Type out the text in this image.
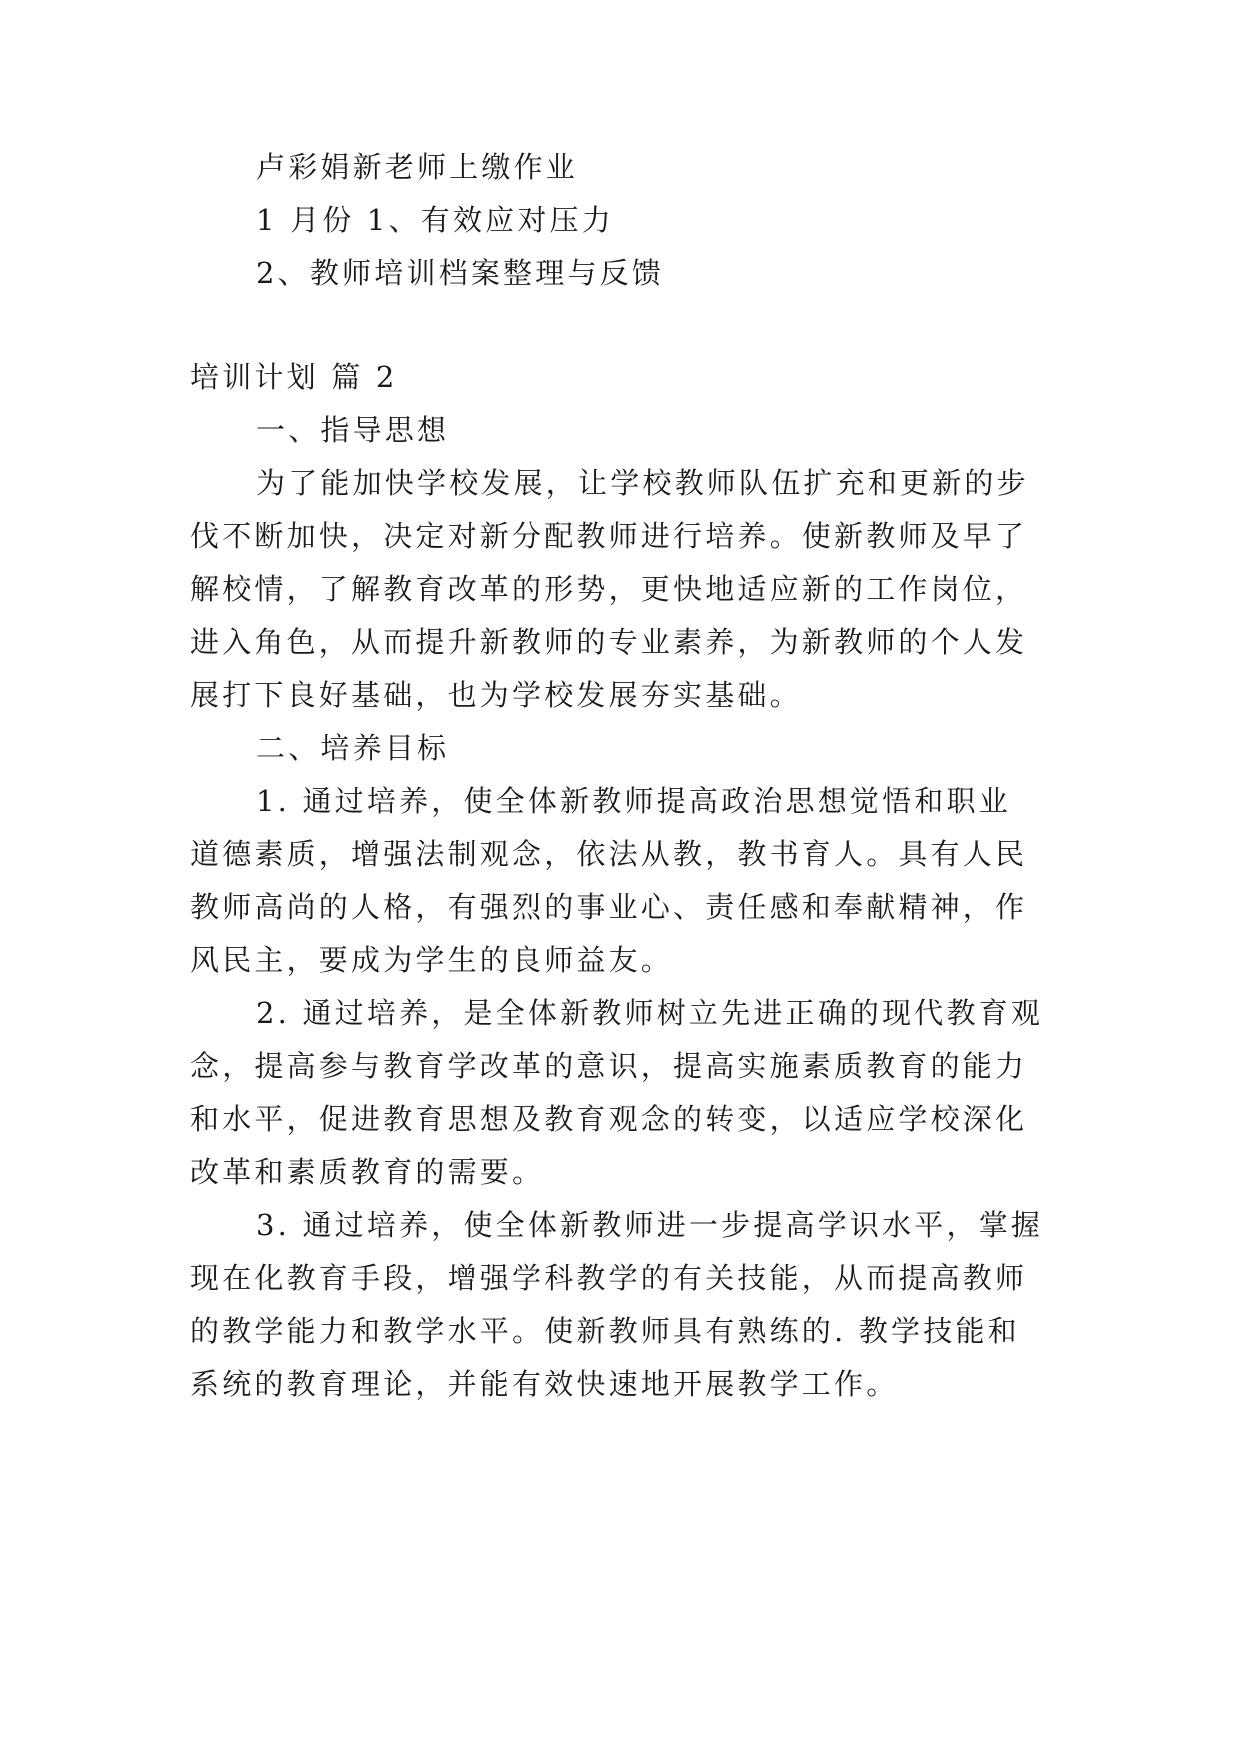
卢彩娟新老师上缴作业
1 月份 1、有效应对压力
2、教师培训档案整理与反馈
培训计划 篇 2
一、指导思想
为了能加快学校发展，让学校教师队伍扩充和更新的步
伐不断加快，决定对新分配教师进行培养。使新教师及早了
解校情，了解教育改革的形势，更快地适应新的工作岗位，
进入角色，从而提升新教师的专业素养，为新教师的个人发
展打下良好基础，也为学校发展夯实基础。
二、培养目标
1. 通过培养，使全体新教师提高政治思想觉悟和职业
道德素质，增强法制观念，依法从教，教书育人。具有人民
教师高尚的人格，有强烈的事业心、责任感和奉献精神，作
风民主，要成为学生的良师益友。
2. 通过培养，是全体新教师树立先进正确的现代教育观
念，提高参与教育学改革的意识，提高实施素质教育的能力
和水平，促进教育思想及教育观念的转变，以适应学校深化
改革和素质教育的需要。
3. 通过培养，使全体新教师进一步提高学识水平，掌握
现在化教育手段，增强学科教学的有关技能，从而提高教师
的教学能力和教学水平。使新教师具有熟练的. 教学技能和
系统的教育理论，并能有效快速地开展教学工作。
